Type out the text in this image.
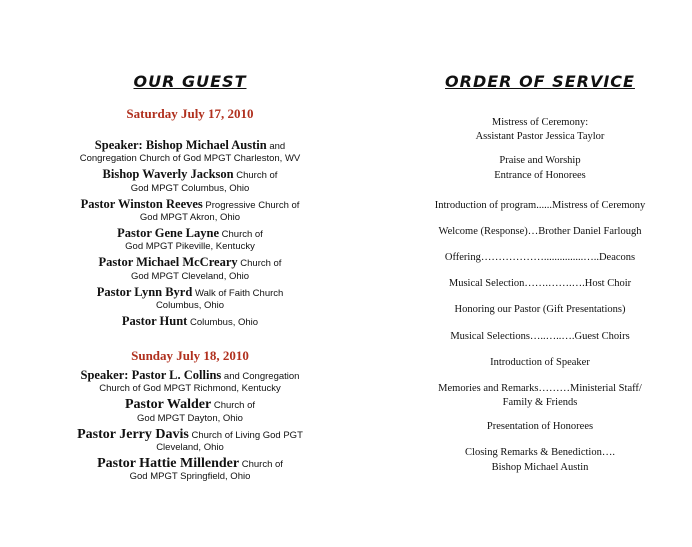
OUR GUEST
Saturday July 17, 2010
Speaker: Bishop Michael Austin and
Congregation Church of God MPGT Charleston, WV
Bishop Waverly Jackson Church of
God MPGT Columbus, Ohio
Pastor Winston Reeves Progressive Church of
God MPGT Akron, Ohio
Pastor Gene Layne Church of
God MPGT Pikeville, Kentucky
Pastor Michael McCreary Church of
God MPGT Cleveland, Ohio
Pastor Lynn Byrd Walk of Faith Church
Columbus, Ohio
Pastor Hunt Columbus, Ohio
Sunday July 18, 2010
Speaker: Pastor L. Collins and Congregation
Church of God MPGT Richmond, Kentucky
Pastor Walder Church of
God MPGT Dayton, Ohio
Pastor Jerry Davis Church of Living God PGT
Cleveland, Ohio
Pastor Hattie Millender Church of
God MPGT Springfield, Ohio
ORDER OF SERVICE
Mistress of Ceremony:
Assistant Pastor Jessica Taylor
Praise and Worship
Entrance of Honorees
Introduction of program......Mistress of Ceremony
Welcome (Response)…Brother Daniel Farlough
Offering………………...............…..Deacons
Musical Selection…….…….….Host Choir
Honoring our Pastor (Gift Presentations)
Musical Selections…..…..….Guest Choirs
Introduction of Speaker
Memories and Remarks………Ministerial Staff/
Family & Friends
Presentation of Honorees
Closing Remarks & Benediction….
Bishop Michael Austin
